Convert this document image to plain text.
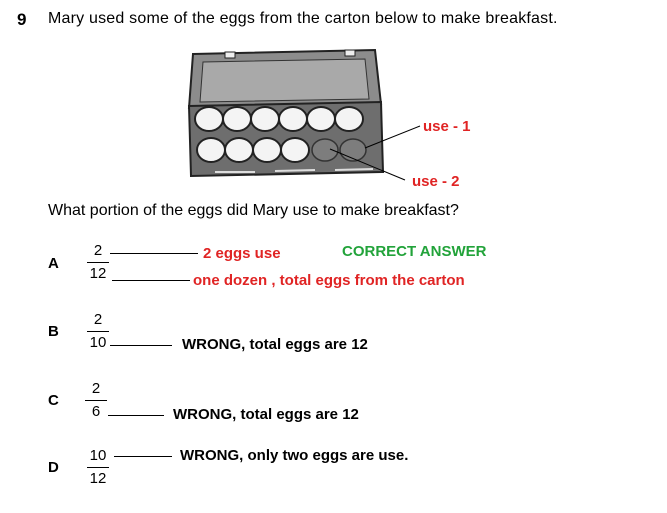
9 Mary used some of the eggs from the carton below to make breakfast.
use - 1
use - 2
What portion of the eggs did Mary use to make breakfast?
A
2
12
2 eggs use	CORRECT ANSWER
one dozen , total eggs from the carton
B
2
10	WRONG, total eggs are 12
C
2
6	WRONG, total eggs are 12
D
10
12
WRONG, only two eggs are use.
